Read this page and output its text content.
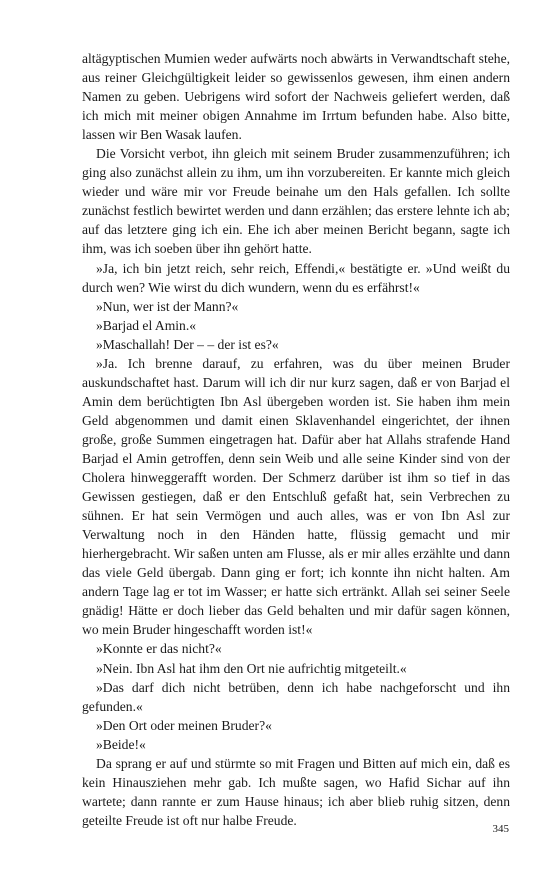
altägyptischen Mumien weder aufwärts noch abwärts in Verwandtschaft stehe, aus reiner Gleichgültigkeit leider so gewissenlos gewesen, ihm einen andern Namen zu geben. Uebrigens wird sofort der Nachweis geliefert werden, daß ich mich mit meiner obigen Annahme im Irrtum befunden habe. Also bitte, lassen wir Ben Wasak laufen.

Die Vorsicht verbot, ihn gleich mit seinem Bruder zusammenzuführen; ich ging also zunächst allein zu ihm, um ihn vorzubereiten. Er kannte mich gleich wieder und wäre mir vor Freude beinahe um den Hals gefallen. Ich sollte zunächst festlich bewirtet werden und dann erzählen; das erstere lehnte ich ab; auf das letztere ging ich ein. Ehe ich aber meinen Bericht begann, sagte ich ihm, was ich soeben über ihn gehört hatte.

»Ja, ich bin jetzt reich, sehr reich, Effendi,« bestätigte er. »Und weißt du durch wen? Wie wirst du dich wundern, wenn du es erfährst!«

»Nun, wer ist der Mann?«

»Barjad el Amin.«

»Maschallah! Der – – der ist es?«

»Ja. Ich brenne darauf, zu erfahren, was du über meinen Bruder auskundschaftet hast. Darum will ich dir nur kurz sagen, daß er von Barjad el Amin dem berüchtigten Ibn Asl übergeben worden ist. Sie haben ihm mein Geld abgenommen und damit einen Sklavenhandel eingerichtet, der ihnen große, große Summen eingetragen hat. Dafür aber hat Allahs strafende Hand Barjad el Amin getroffen, denn sein Weib und alle seine Kinder sind von der Cholera hinweggerafft worden. Der Schmerz darüber ist ihm so tief in das Gewissen gestiegen, daß er den Entschluß gefaßt hat, sein Verbrechen zu sühnen. Er hat sein Vermögen und auch alles, was er von Ibn Asl zur Verwaltung noch in den Händen hatte, flüssig gemacht und mir hierhergebracht. Wir saßen unten am Flusse, als er mir alles erzählte und dann das viele Geld übergab. Dann ging er fort; ich konnte ihn nicht halten. Am andern Tage lag er tot im Wasser; er hatte sich ertränkt. Allah sei seiner Seele gnädig! Hätte er doch lieber das Geld behalten und mir dafür sagen können, wo mein Bruder hingeschafft worden ist!«

»Konnte er das nicht?«

»Nein. Ibn Asl hat ihm den Ort nie aufrichtig mitgeteilt.«

»Das darf dich nicht betrüben, denn ich habe nachgeforscht und ihn gefunden.«

»Den Ort oder meinen Bruder?«

»Beide!«

Da sprang er auf und stürmte so mit Fragen und Bitten auf mich ein, daß es kein Hinausziehen mehr gab. Ich mußte sagen, wo Hafid Sichar auf ihn wartete; dann rannte er zum Hause hinaus; ich aber blieb ruhig sitzen, denn geteilte Freude ist oft nur halbe Freude.

345
